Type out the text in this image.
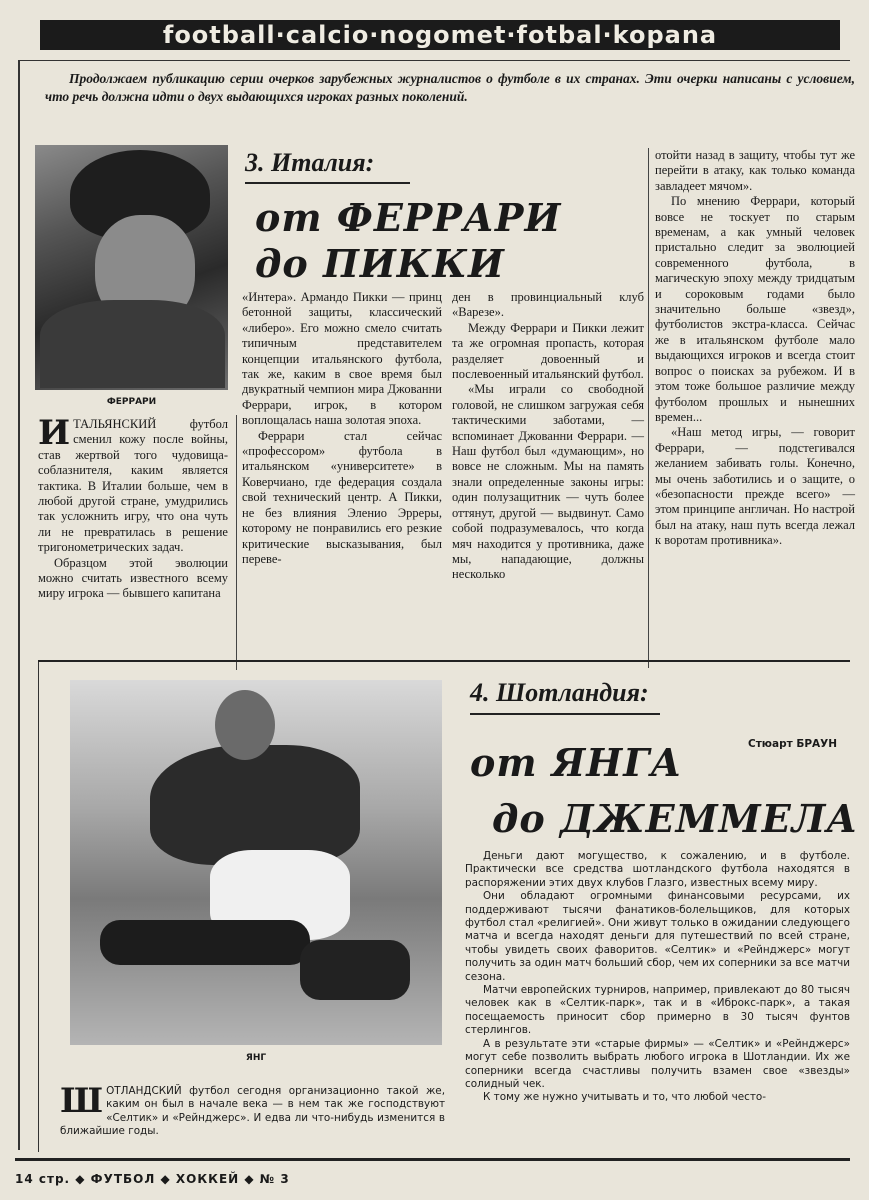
football·calcio·nogomet·fotbal·kopana
Продолжаем публикацию серии очерков зарубежных журналистов о футболе в их странах. Эти очерки написаны с условием, что речь должна идти о двух выдающихся игроках разных поколений.
ФЕРРАРИ
3. Италия:
от ФЕРРАРИ
до ПИККИ

ИТАЛЬЯНСКИЙ футбол сменил кожу после войны, став жертвой того чудовища-соблазнителя, каким является тактика. В Италии больше, чем в любой другой стране, умудрились так усложнить игру, что она чуть ли не превратилась в решение тригонометрических задач.

Образцом этой эволюции можно считать известного всему миру игрока — бывшего капитана

«Интера». Армандо Пикки — принц бетонной защиты, классический «либеро». Его можно смело считать типичным представителем концепции итальянского футбола, так же, каким в свое время был двукратный чемпион мира Джованни Феррари, игрок, в котором воплощалась наша золотая эпоха.

Феррари стал сейчас «профессором» футбола в итальянском «университете» в Коверчиано, где федерация создала свой технический центр. А Пикки, не без влияния Эленио Эрреры, которому не понравились его резкие критические высказывания, был переве-

ден в провинциальный клуб «Варезе».

Между Феррари и Пикки лежит та же огромная пропасть, которая разделяет довоенный и послевоенный итальянский футбол.

«Мы играли со свободной головой, не слишком загружая себя тактическими заботами, — вспоминает Джованни Феррари. — Наш футбол был «думающим», но вовсе не сложным. Мы на память знали определенные законы игры: один полузащитник — чуть более оттянут, другой — выдвинут. Само собой подразумевалось, что когда мяч находится у противника, даже мы, нападающие, должны несколько

отойти назад в защиту, чтобы тут же перейти в атаку, как только команда завладеет мячом».

По мнению Феррари, который вовсе не тоскует по старым временам, а как умный человек пристально следит за эволюцией современного футбола, в магическую эпоху между тридцатым и сороковым годами было значительно больше «звезд», футболистов экстра-класса. Сейчас же в итальянском футболе мало выдающихся игроков и всегда стоит вопрос о поисках за рубежом. И в этом тоже большое различие между футболом прошлых и нынешних времен...

«Наш метод игры, — говорит Феррари, — подстегивался желанием забивать голы. Конечно, мы очень заботились и о защите, о «безопасности прежде всего» — этом принципе англичан. Но настрой был на атаку, наш путь всегда лежал к воротам противника».

ЯНГ
4. Шотландия:
Стюарт БРАУН
от ЯНГА
до ДЖЕММЕЛА

Деньги дают могущество, к сожалению, и в футболе. Практически все средства шотландского футбола находятся в распоряжении этих двух клубов Глазго, известных всему миру.

Они обладают огромными финансовыми ресурсами, их поддерживают тысячи фанатиков-болельщиков, для которых футбол стал «религией». Они живут только в ожидании следующего матча и всегда находят деньги для путешествий по всей стране, чтобы увидеть своих фаворитов. «Селтик» и «Рейнджерс» могут получить за один матч больший сбор, чем их соперники за все матчи сезона.

Матчи европейских турниров, например, привлекают до 80 тысяч человек как в «Селтик-парк», так и в «Иброкс-парк», а такая посещаемость приносит сбор примерно в 30 тысяч фунтов стерлингов.

А в результате эти «старые фирмы» — «Селтик» и «Рейнджерс» могут себе позволить выбрать любого игрока в Шотландии. Их же соперники всегда счастливы получить взамен свое «звезды» солидный чек.

К тому же нужно учитывать и то, что любой често-

ШОТЛАНДСКИЙ футбол сегодня организационно такой же, каким он был в начале века — в нем так же господствуют «Селтик» и «Рейнджерс». И едва ли что-нибудь изменится в ближайшие годы.
14 стр. ◆ ФУТБОЛ ◆ ХОККЕЙ ◆ № 3
